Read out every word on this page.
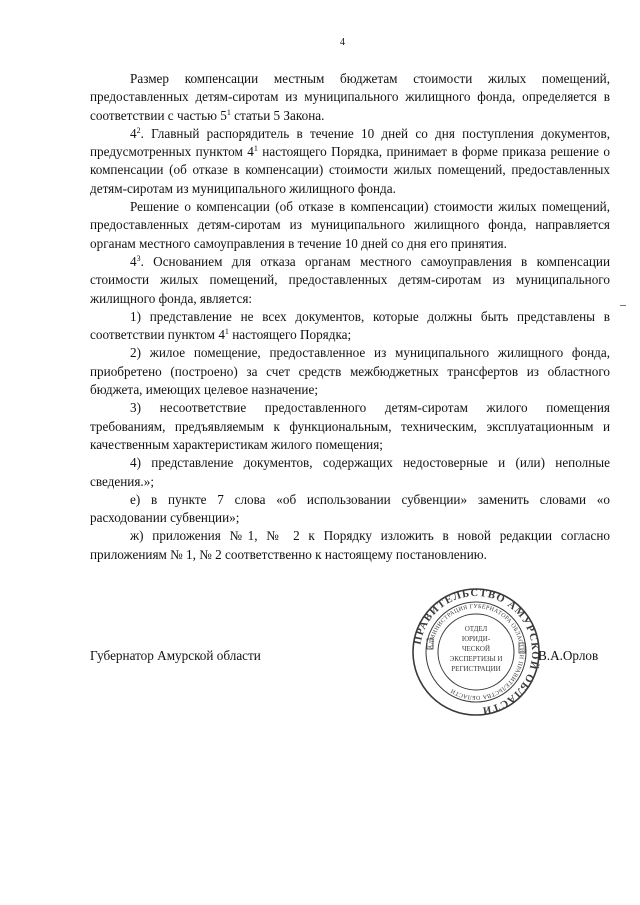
4

Размер компенсации местным бюджетам стоимости жилых помещений, предоставленных детям-сиротам из муниципального жилищного фонда, определяется в соответствии с частью $5^1$ статьи 5 Закона.

$4^2$. Главный распорядитель в течение 10 дней со дня поступления документов, предусмотренных пунктом $4^1$ настоящего Порядка, принимает в форме приказа решение о компенсации (об отказе в компенсации) стоимости жилых помещений, предоставленных детям-сиротам из муниципального жилищного фонда.

Решение о компенсации (об отказе в компенсации) стоимости жилых помещений, предоставленных детям-сиротам из муниципального жилищного фонда, направляется органам местного самоуправления в течение 10 дней со дня его принятия.

$4^3$. Основанием для отказа органам местного самоуправления в компенсации стоимости жилых помещений, предоставленных детям-сиротам из муниципального жилищного фонда, является:

1) представление не всех документов, которые должны быть представлены в соответствии пунктом $4^1$ настоящего Порядка;

2) жилое помещение, предоставленное из муниципального жилищного фонда, приобретено (построено) за счет средств межбюджетных трансфертов из областного бюджета, имеющих целевое назначение;

3) несоответствие предоставленного детям-сиротам жилого помещения требованиям, предъявляемым к функциональным, техническим, эксплуатационным и качественным характеристикам жилого помещения;

4) представление документов, содержащих недостоверные и (или) неполные сведения.»;

е) в пункте 7 слова «об использовании субвенции» заменить словами «о расходовании субвенции»;

ж) приложения №1, № 2 к Порядку изложить в новой редакции согласно приложениям № 1, № 2 соответственно к настоящему постановлению.

Губернатор Амурской области	В.А.Орлов
ПРАВИТЕЛЬСТВО АМУРСКОЙ ОБЛАСТИ
АДМИНИСТРАЦИЯ ГУБЕРНАТОРА ОБЛАСТИ И ПРАВИТЕЛЬСТВА ОБЛАСТИ
ОТДЕЛ ЮРИДИ-ЧЕСКОЙ ЭКСПЕРТИЗЫ И РЕГИСТРАЦИИ
